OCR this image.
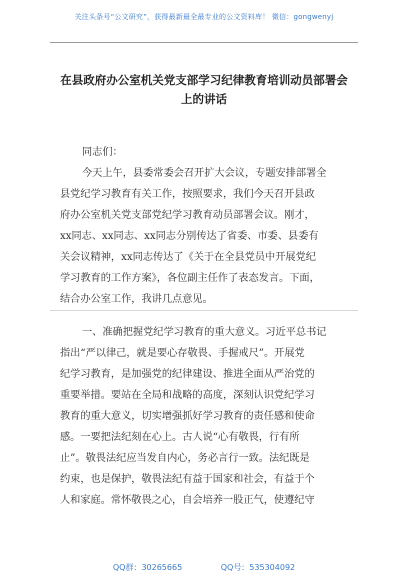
关注头条号“公文研究”，获得最新最全最专业的公文资料库！ 微信：gongwenyj
在县政府办公室机关党支部学习纪律教育培训动员部署会
上的讲话
同志们：
今天上午，县委常委会召开扩大会议，专题安排部署全
县党纪学习教育有关工作，按照要求，我们今天召开县政
府办公室机关党支部党纪学习教育动员部署会议。刚才，
xx同志、xx同志、xx同志分别传达了省委、市委、县委有
关会议精神，xx同志传达了《关于在全县党员中开展党纪
学习教育的工作方案》，各位副主任作了表态发言。下面，
结合办公室工作，我讲几点意见。
一、准确把握党纪学习教育的重大意义。习近平总书记
指出“严以律己，就是要心存敬畏、手握戒尺”。开展党
纪学习教育，是加强党的纪律建设、推进全面从严治党的
重要举措。要站在全局和战略的高度，深刻认识党纪学习
教育的重大意义，切实增强抓好学习教育的责任感和使命
感。一要把法纪刻在心上。古人说“心有敬畏，行有所
止”。敬畏法纪应当发自内心，务必言行一致。法纪既是
约束，也是保护，敬畏法纪有益于国家和社会，有益于个
人和家庭。常怀敬畏之心，自会培养一股正气，使遵纪守
QQ群：30265665	QQ号：535304092
